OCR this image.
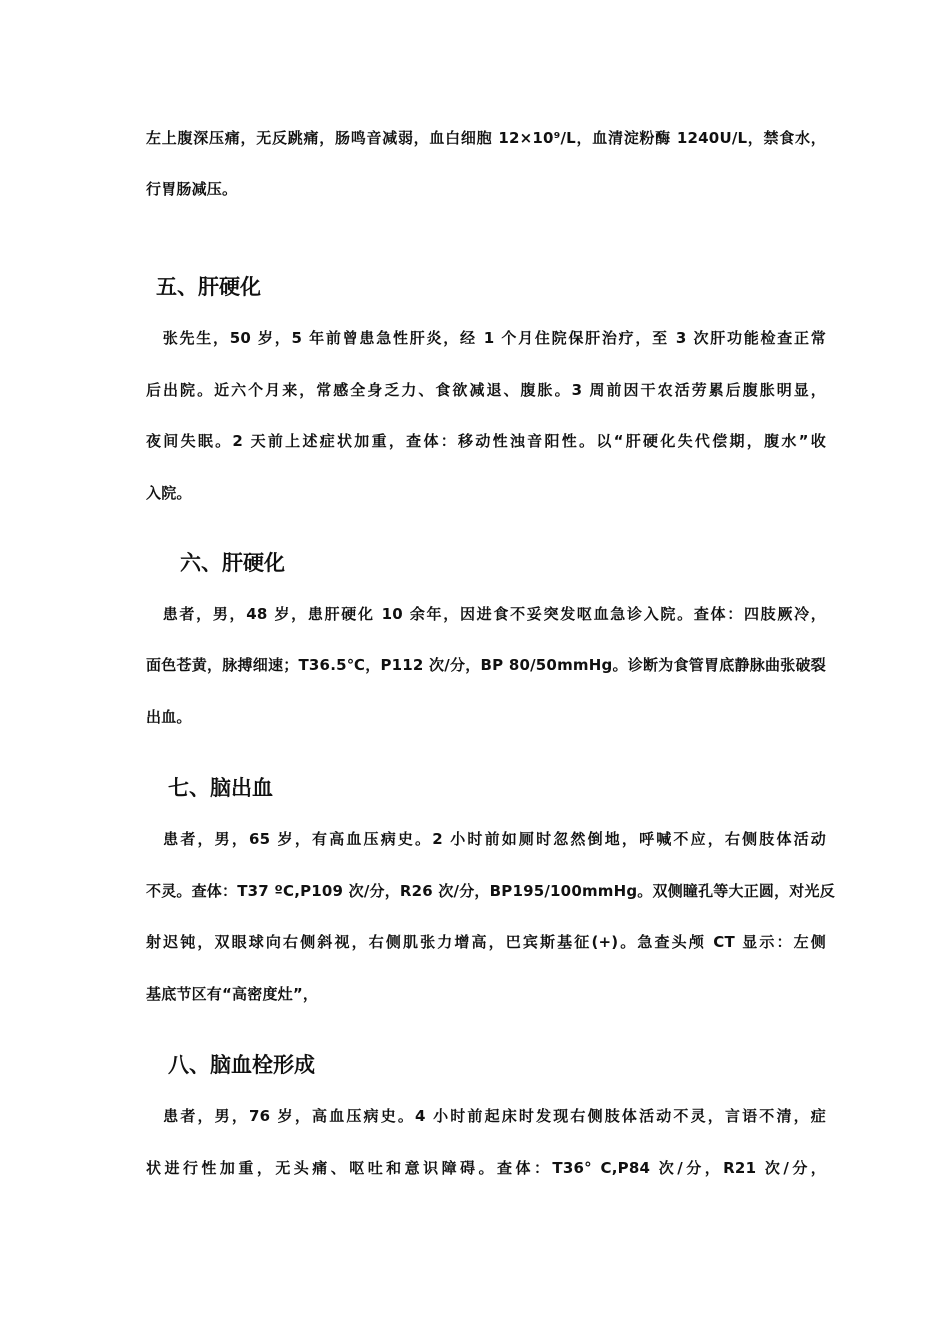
左上腹深压痛，无反跳痛，肠鸣音减弱，血白细胞 12×10⁹/L，血清淀粉酶 1240U/L，禁食水，
行胃肠减压。
五、肝硬化
　张先生，50 岁，5 年前曾患急性肝炎，经 1 个月住院保肝治疗，至 3 次肝功能检查正常
后出院。近六个月来，常感全身乏力、食欲减退、腹胀。3 周前因干农活劳累后腹胀明显，
夜间失眠。2 天前上述症状加重，查体：移动性浊音阳性。以“肝硬化失代偿期，腹水”收
入院。
六、肝硬化
　患者，男，48 岁，患肝硬化 10 余年，因进食不妥突发呕血急诊入院。查体：四肢厥冷，
面色苍黄，脉搏细速；T36.5℃，P112 次/分，BP 80/50mmHg。诊断为食管胃底静脉曲张破裂
出血。
七、脑出血
　患者，男，65 岁，有高血压病史。2 小时前如厕时忽然倒地，呼喊不应，右侧肢体活动
不灵。查体：T37 ºC,P109 次/分，R26 次/分，BP195/100mmHg。双侧瞳孔等大正圆，对光反
射迟钝，双眼球向右侧斜视，右侧肌张力增高，巴宾斯基征(+)。急查头颅 CT 显示：左侧
基底节区有“高密度灶”，
八、脑血栓形成
　患者，男，76 岁，高血压病史。4 小时前起床时发现右侧肢体活动不灵，言语不清，症
状进行性加重，无头痛、呕吐和意识障碍。查体：T36° C,P84 次/分，R21 次/分，
